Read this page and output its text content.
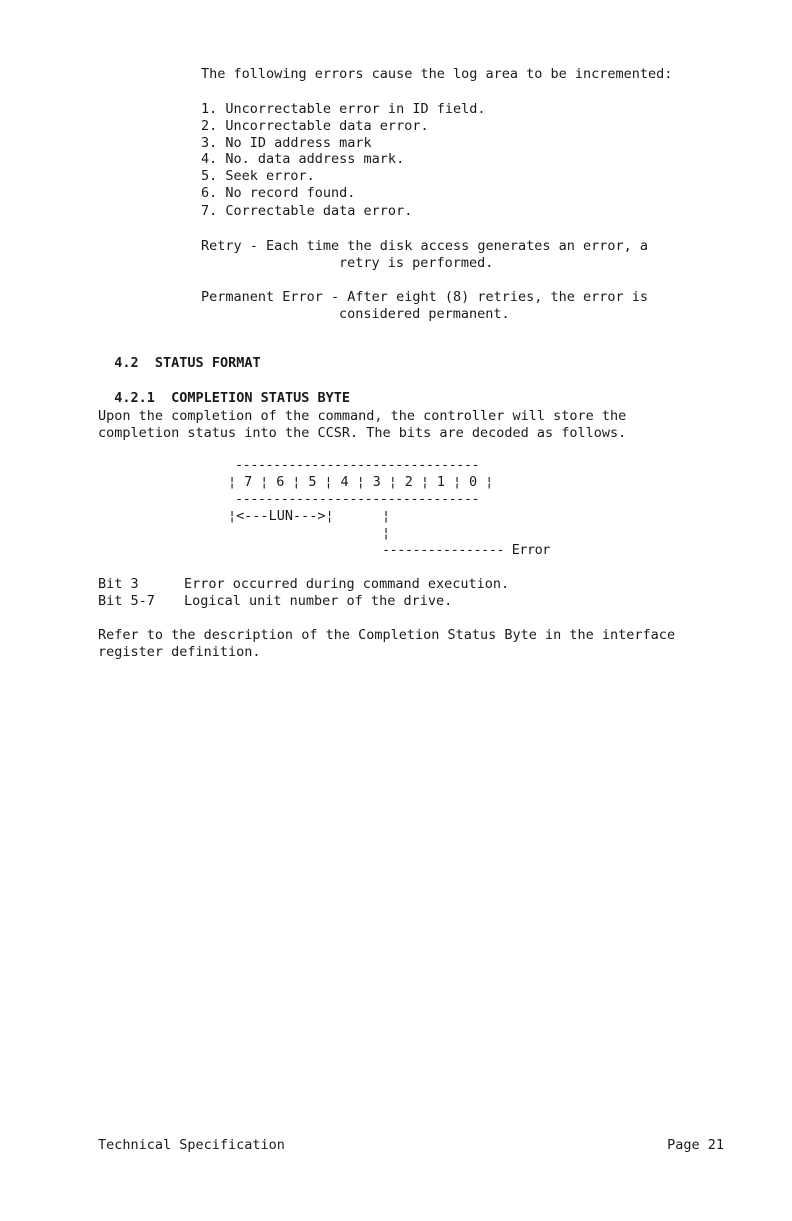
The following errors cause the log area to be incremented:
1. Uncorrectable error in ID field.
2. Uncorrectable data error.
3. No ID address mark
4. No. data address mark.
5. Seek error.
6. No record found.
7. Correctable data error.
Retry - Each time the disk access generates an error, a
retry is performed.
Permanent Error - After eight (8) retries, the error is
considered permanent.

4.2 STATUS FORMAT

4.2.1 COMPLETION STATUS BYTE

Upon the completion of the command, the controller will store the
completion status into the CCSR. The bits are decoded as follows.
--------------------------------
¦ 7 ¦ 6 ¦ 5 ¦ 4 ¦ 3 ¦ 2 ¦ 1 ¦ 0 ¦
--------------------------------
¦<---LUN--->¦	¦
¦
---------------- Error
Bit 3	Error occurred during command execution.
Bit 5-7 Logical unit number of the drive.
Refer to the description of the Completion Status Byte in the interface
register definition.
Technical Specification	Page 21
